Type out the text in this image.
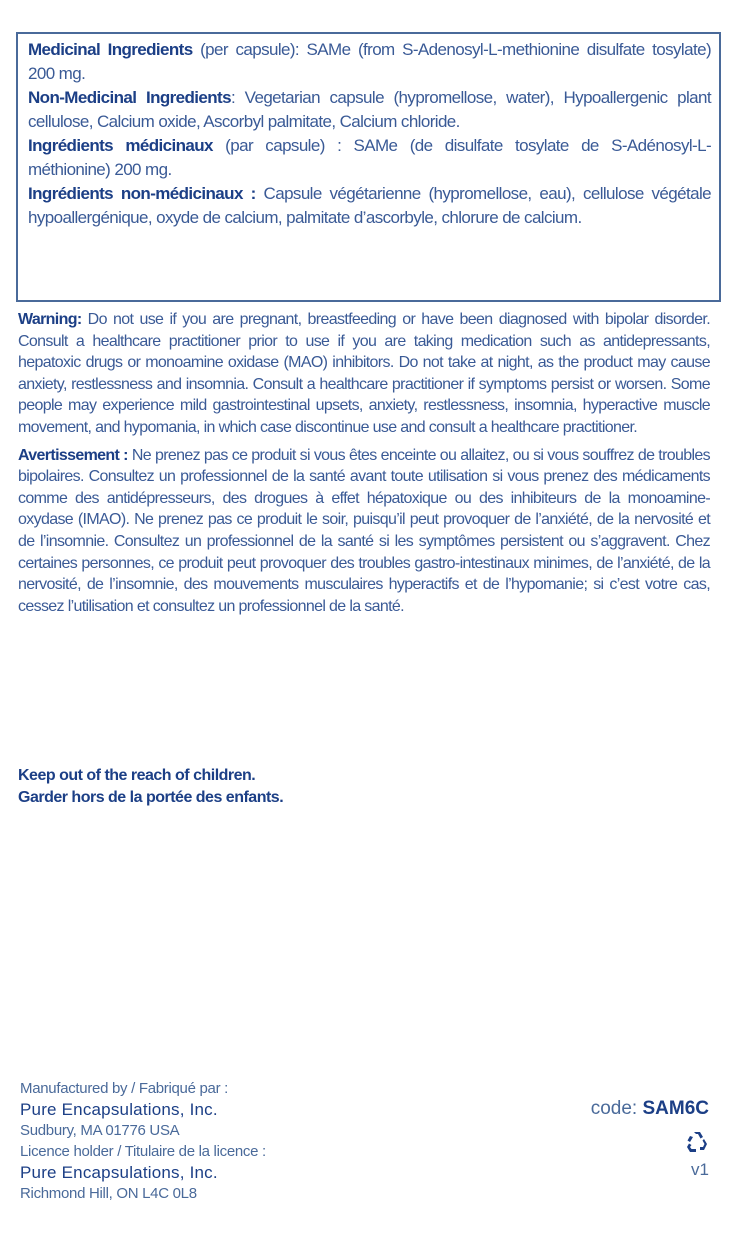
Medicinal Ingredients (per capsule): SAMe (from S-Adenosyl-L-methionine disulfate tosylate) 200 mg.

Non-Medicinal Ingredients: Vegetarian capsule (hypromellose, water), Hypoallergenic plant cellulose, Calcium oxide, Ascorbyl palmitate, Calcium chloride.

Ingrédients médicinaux (par capsule) : SAMe (de disulfate tosylate de S-Adénosyl-L-méthionine) 200 mg.

Ingrédients non-médicinaux : Capsule végétarienne (hypromellose, eau), cellulose végétale hypoallergénique, oxyde de calcium, palmitate d’ascorbyle, chlorure de calcium.

Warning: Do not use if you are pregnant, breastfeeding or have been diagnosed with bipolar disorder. Consult a healthcare practitioner prior to use if you are taking medication such as antidepressants, hepatoxic drugs or monoamine oxidase (MAO) inhibitors. Do not take at night, as the product may cause anxiety, restlessness and insomnia. Consult a healthcare practitioner if symptoms persist or worsen. Some people may experience mild gastrointestinal upsets, anxiety, restlessness, insomnia, hyperactive muscle movement, and hypomania, in which case discontinue use and consult a healthcare practitioner.

Avertissement : Ne prenez pas ce produit si vous êtes enceinte ou allaitez, ou si vous souffrez de troubles bipolaires. Consultez un professionnel de la santé avant toute utilisation si vous prenez des médicaments comme des antidépresseurs, des drogues à effet hépatoxique ou des inhibiteurs de la monoamine-oxydase (IMAO). Ne prenez pas ce produit le soir, puisqu’il peut provoquer de l’anxiété, de la nervosité et de l’insomnie. Consultez un professionnel de la santé si les symptômes persistent ou s’aggravent. Chez certaines personnes, ce produit peut provoquer des troubles gastro-intestinaux minimes, de l’anxiété, de la nervosité, de l’insomnie, des mouvements musculaires hyperactifs et de l’hypomanie; si c’est votre cas, cessez l’utilisation et consultez un professionnel de la santé.

Keep out of the reach of children.
Garder hors de la portée des enfants.
Manufactured by / Fabriqué par :
Pure Encapsulations, Inc.
Sudbury, MA 01776 USA
Licence holder / Titulaire de la licence :
Pure Encapsulations, Inc.
Richmond Hill, ON L4C 0L8
code: SAM6C
v1
